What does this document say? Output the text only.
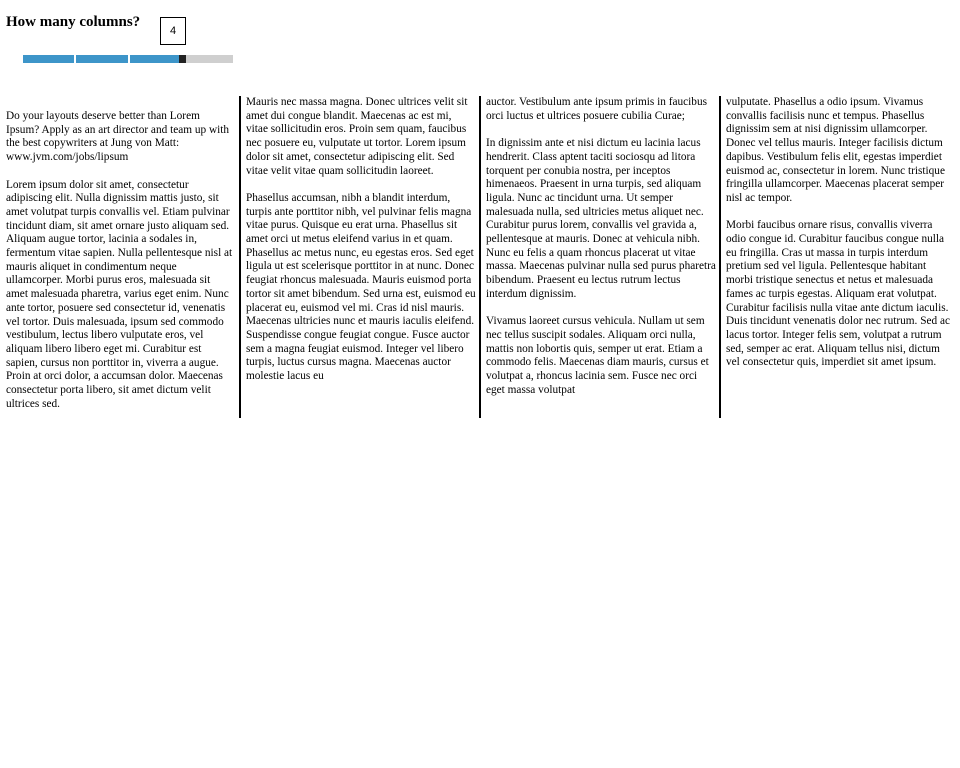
How many columns?
4

Do your layouts deserve better than Lorem Ipsum? Apply as an art director and team up with the best copywriters at Jung von Matt: www.jvm.com/jobs/lipsum

Lorem ipsum dolor sit amet, consectetur adipiscing elit. Nulla dignissim mattis justo, sit amet volutpat turpis convallis vel. Etiam pulvinar tincidunt diam, sit amet ornare justo aliquam sed. Aliquam augue tortor, lacinia a sodales in, fermentum vitae sapien. Nulla pellentesque nisl at mauris aliquet in condimentum neque ullamcorper. Morbi purus eros, malesuada sit amet malesuada pharetra, varius eget enim. Nunc ante tortor, posuere sed consectetur id, venenatis vel tortor. Duis malesuada, ipsum sed commodo vestibulum, lectus libero vulputate eros, vel aliquam libero libero eget mi. Curabitur est sapien, cursus non porttitor in, viverra a augue. Proin at orci dolor, a accumsan dolor. Maecenas consectetur porta libero, sit amet dictum velit ultrices sed.

Mauris nec massa magna. Donec ultrices velit sit amet dui congue blandit. Maecenas ac est mi, vitae sollicitudin eros. Proin sem quam, faucibus nec posuere eu, vulputate ut tortor. Lorem ipsum dolor sit amet, consectetur adipiscing elit. Sed vitae velit vitae quam sollicitudin laoreet.

Phasellus accumsan, nibh a blandit interdum, turpis ante porttitor nibh, vel pulvinar felis magna vitae purus. Quisque eu erat urna. Phasellus sit amet orci ut metus eleifend varius in et quam. Phasellus ac metus nunc, eu egestas eros. Sed eget ligula ut est scelerisque porttitor in at nunc. Donec feugiat rhoncus malesuada. Mauris euismod porta tortor sit amet bibendum. Sed urna est, euismod eu placerat eu, euismod vel mi. Cras id nisl mauris. Maecenas ultricies nunc et mauris iaculis eleifend. Suspendisse congue feugiat congue. Fusce auctor sem a magna feugiat euismod. Integer vel libero turpis, luctus cursus magna. Maecenas auctor molestie lacus eu

auctor. Vestibulum ante ipsum primis in faucibus orci luctus et ultrices posuere cubilia Curae;

In dignissim ante et nisi dictum eu lacinia lacus hendrerit. Class aptent taciti sociosqu ad litora torquent per conubia nostra, per inceptos himenaeos. Praesent in urna turpis, sed aliquam ligula. Nunc ac tincidunt urna. Ut semper malesuada nulla, sed ultricies metus aliquet nec. Curabitur purus lorem, convallis vel gravida a, pellentesque at mauris. Donec at vehicula nibh. Nunc eu felis a quam rhoncus placerat ut vitae massa. Maecenas pulvinar nulla sed purus pharetra bibendum. Praesent eu lectus rutrum lectus interdum dignissim.

Vivamus laoreet cursus vehicula. Nullam ut sem nec tellus suscipit sodales. Aliquam orci nulla, mattis non lobortis quis, semper ut erat. Etiam a commodo felis. Maecenas diam mauris, cursus et volutpat a, rhoncus lacinia sem. Fusce nec orci eget massa volutpat

vulputate. Phasellus a odio ipsum. Vivamus convallis facilisis nunc et tempus. Phasellus dignissim sem at nisi dignissim ullamcorper. Donec vel tellus mauris. Integer facilisis dictum dapibus. Vestibulum felis elit, egestas imperdiet euismod ac, consectetur in lorem. Nunc tristique fringilla ullamcorper. Maecenas placerat semper nisl ac tempor.

Morbi faucibus ornare risus, convallis viverra odio congue id. Curabitur faucibus congue nulla eu fringilla. Cras ut massa in turpis interdum pretium sed vel ligula. Pellentesque habitant morbi tristique senectus et netus et malesuada fames ac turpis egestas. Aliquam erat volutpat. Curabitur facilisis nulla vitae ante dictum iaculis. Duis tincidunt venenatis dolor nec rutrum. Sed ac lacus tortor. Integer felis sem, volutpat a rutrum sed, semper ac erat. Aliquam tellus nisi, dictum vel consectetur quis, imperdiet sit amet ipsum.
